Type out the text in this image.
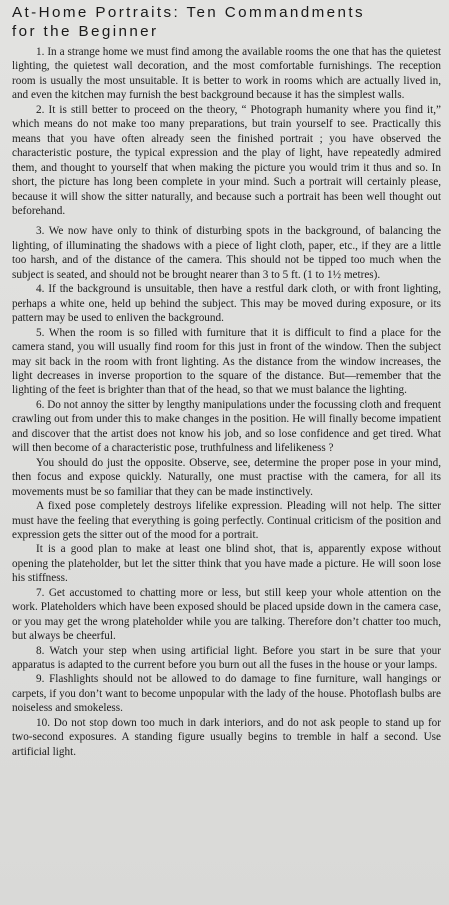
At-Home Portraits: Ten Commandments
for the Beginner

1. In a strange home we must find among the available rooms the one that has the quietest lighting, the quietest wall decoration, and the most comfortable furnishings. The reception room is usually the most unsuitable. It is better to work in rooms which are actually lived in, and even the kitchen may furnish the best background because it has the simplest walls.

2. It is still better to proceed on the theory, “ Photograph humanity where you find it,” which means do not make too many preparations, but train yourself to see. Practically this means that you have often already seen the finished portrait ; you have observed the characteristic posture, the typical expression and the play of light, have repeatedly admired them, and thought to yourself that when making the picture you would trim it thus and so. In short, the picture has long been complete in your mind. Such a portrait will certainly please, because it will show the sitter naturally, and because such a portrait has been well thought out beforehand.

3. We now have only to think of disturbing spots in the background, of balancing the lighting, of illuminating the shadows with a piece of light cloth, paper, etc., if they are a little too harsh, and of the distance of the camera. This should not be tipped too much when the subject is seated, and should not be brought nearer than 3 to 5 ft. (1 to 1½ metres).

4. If the background is unsuitable, then have a restful dark cloth, or with front lighting, perhaps a white one, held up behind the subject. This may be moved during exposure, or its pattern may be used to enliven the background.

5. When the room is so filled with furniture that it is difficult to find a place for the camera stand, you will usually find room for this just in front of the window. Then the subject may sit back in the room with front lighting. As the distance from the window increases, the light decreases in inverse proportion to the square of the distance. But—remember that the lighting of the feet is brighter than that of the head, so that we must balance the lighting.

6. Do not annoy the sitter by lengthy manipulations under the focussing cloth and frequent crawling out from under this to make changes in the position. He will finally become impatient and discover that the artist does not know his job, and so lose confidence and get tired. What will then become of a characteristic pose, truthfulness and lifelikeness ?

You should do just the opposite. Observe, see, determine the proper pose in your mind, then focus and expose quickly. Naturally, one must practise with the camera, for all its movements must be so familiar that they can be made instinctively.

A fixed pose completely destroys lifelike expression. Pleading will not help. The sitter must have the feeling that everything is going perfectly. Continual criticism of the position and expression gets the sitter out of the mood for a portrait.

It is a good plan to make at least one blind shot, that is, apparently expose without opening the plateholder, but let the sitter think that you have made a picture. He will soon lose his stiffness.

7. Get accustomed to chatting more or less, but still keep your whole attention on the work. Plateholders which have been exposed should be placed upside down in the camera case, or you may get the wrong plateholder while you are talking. Therefore don’t chatter too much, but always be cheerful.

8. Watch your step when using artificial light. Before you start in be sure that your apparatus is adapted to the current before you burn out all the fuses in the house or your lamps.

9. Flashlights should not be allowed to do damage to fine furniture, wall hangings or carpets, if you don’t want to become unpopular with the lady of the house. Photoflash bulbs are noiseless and smokeless.

10. Do not stop down too much in dark interiors, and do not ask people to stand up for two-second exposures. A standing figure usually begins to tremble in half a second. Use artificial light.
